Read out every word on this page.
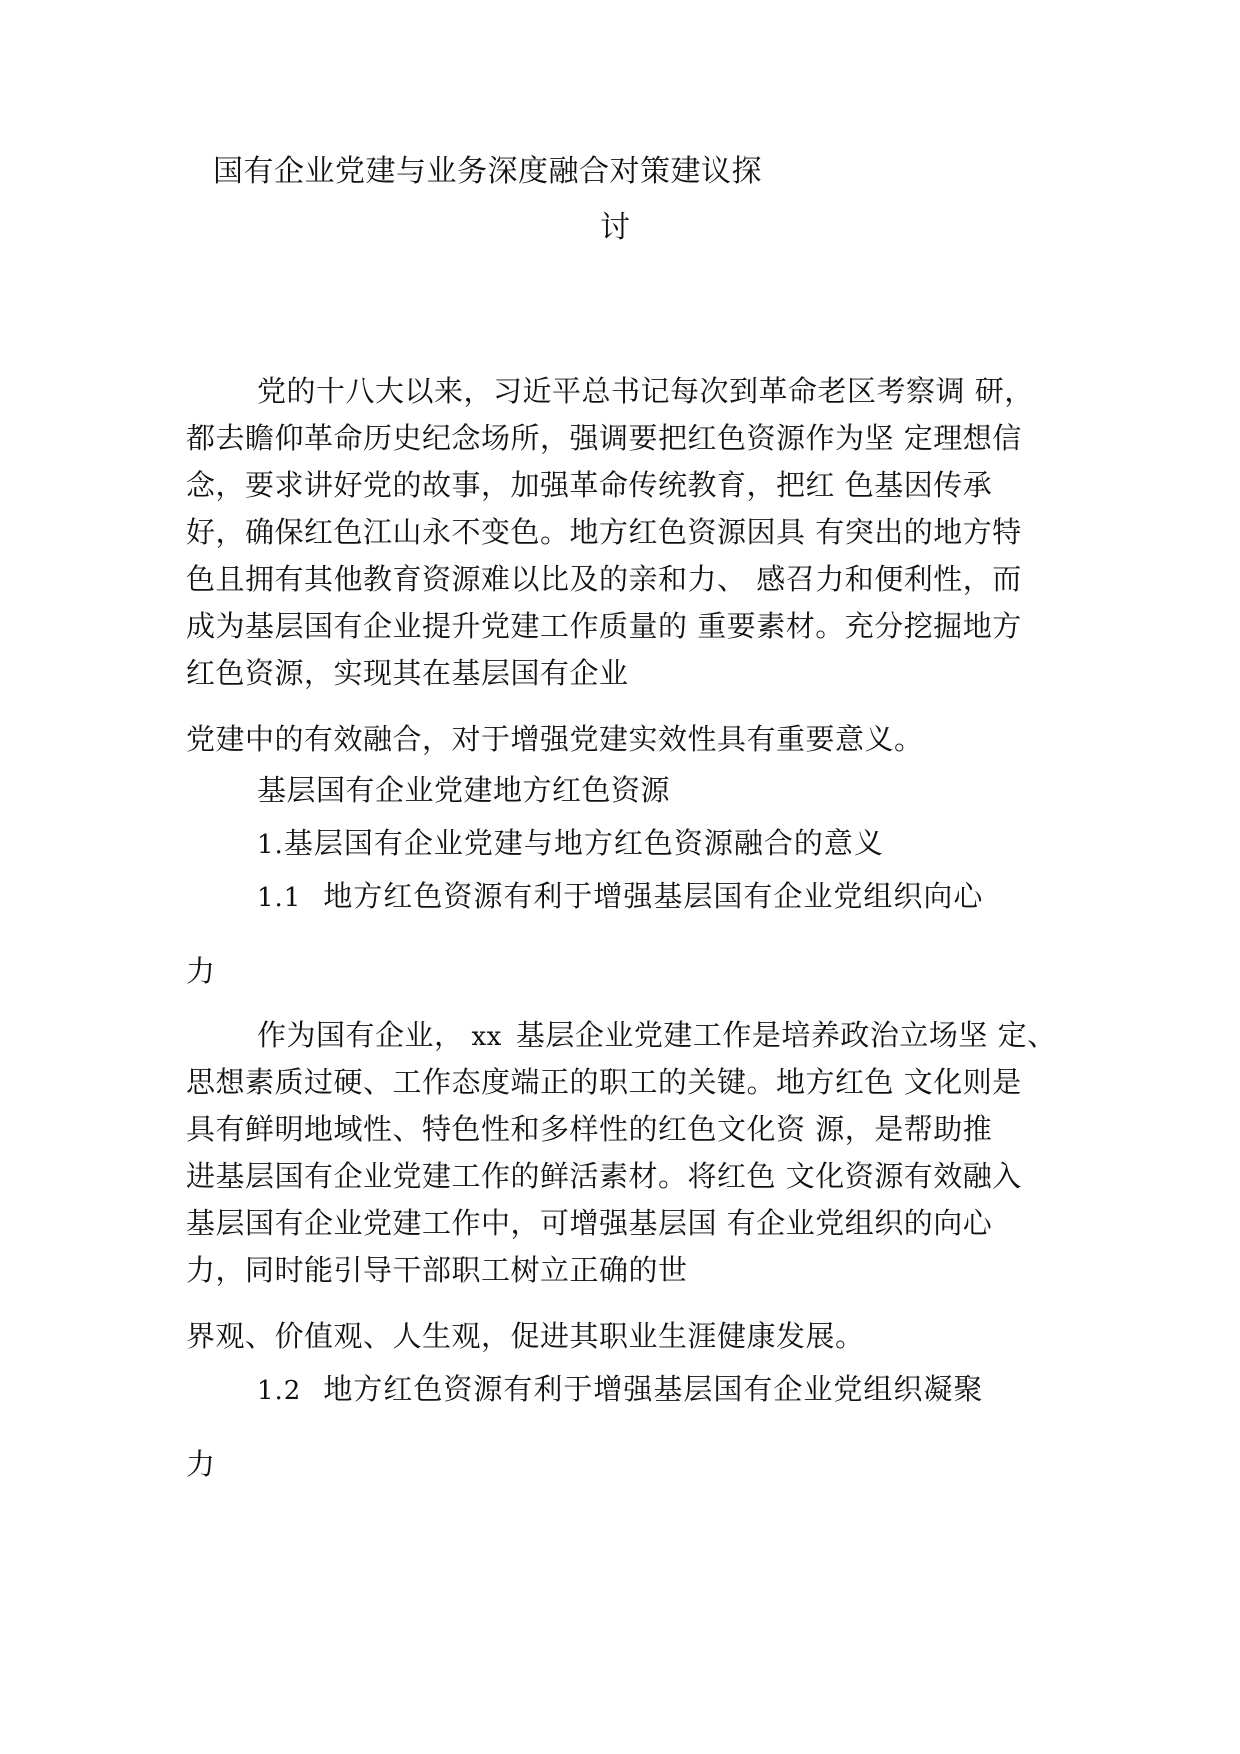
国有企业党建与业务深度融合对策建议探
讨
党的十八大以来，习近平总书记每次到革命老区考察调 研，
都去瞻仰革命历史纪念场所，强调要把红色资源作为坚 定理想信
念，要求讲好党的故事，加强革命传统教育，把红 色基因传承
好，确保红色江山永不变色。地方红色资源因具 有突出的地方特
色且拥有其他教育资源难以比及的亲和力、 感召力和便利性，而
成为基层国有企业提升党建工作质量的 重要素材。充分挖掘地方
红色资源，实现其在基层国有企业
党建中的有效融合，对于增强党建实效性具有重要意义。
基层国有企业党建地方红色资源
1.基层国有企业党建与地方红色资源融合的意义
1.1 地方红色资源有利于增强基层国有企业党组织向心
力
作为国有企业， xx 基层企业党建工作是培养政治立场坚 定、
思想素质过硬、工作态度端正的职工的关键。地方红色 文化则是
具有鲜明地域性、特色性和多样性的红色文化资 源，是帮助推
进基层国有企业党建工作的鲜活素材。将红色 文化资源有效融入
基层国有企业党建工作中，可增强基层国 有企业党组织的向心
力，同时能引导干部职工树立正确的世
界观、价值观、人生观，促进其职业生涯健康发展。
1.2 地方红色资源有利于增强基层国有企业党组织凝聚
力
